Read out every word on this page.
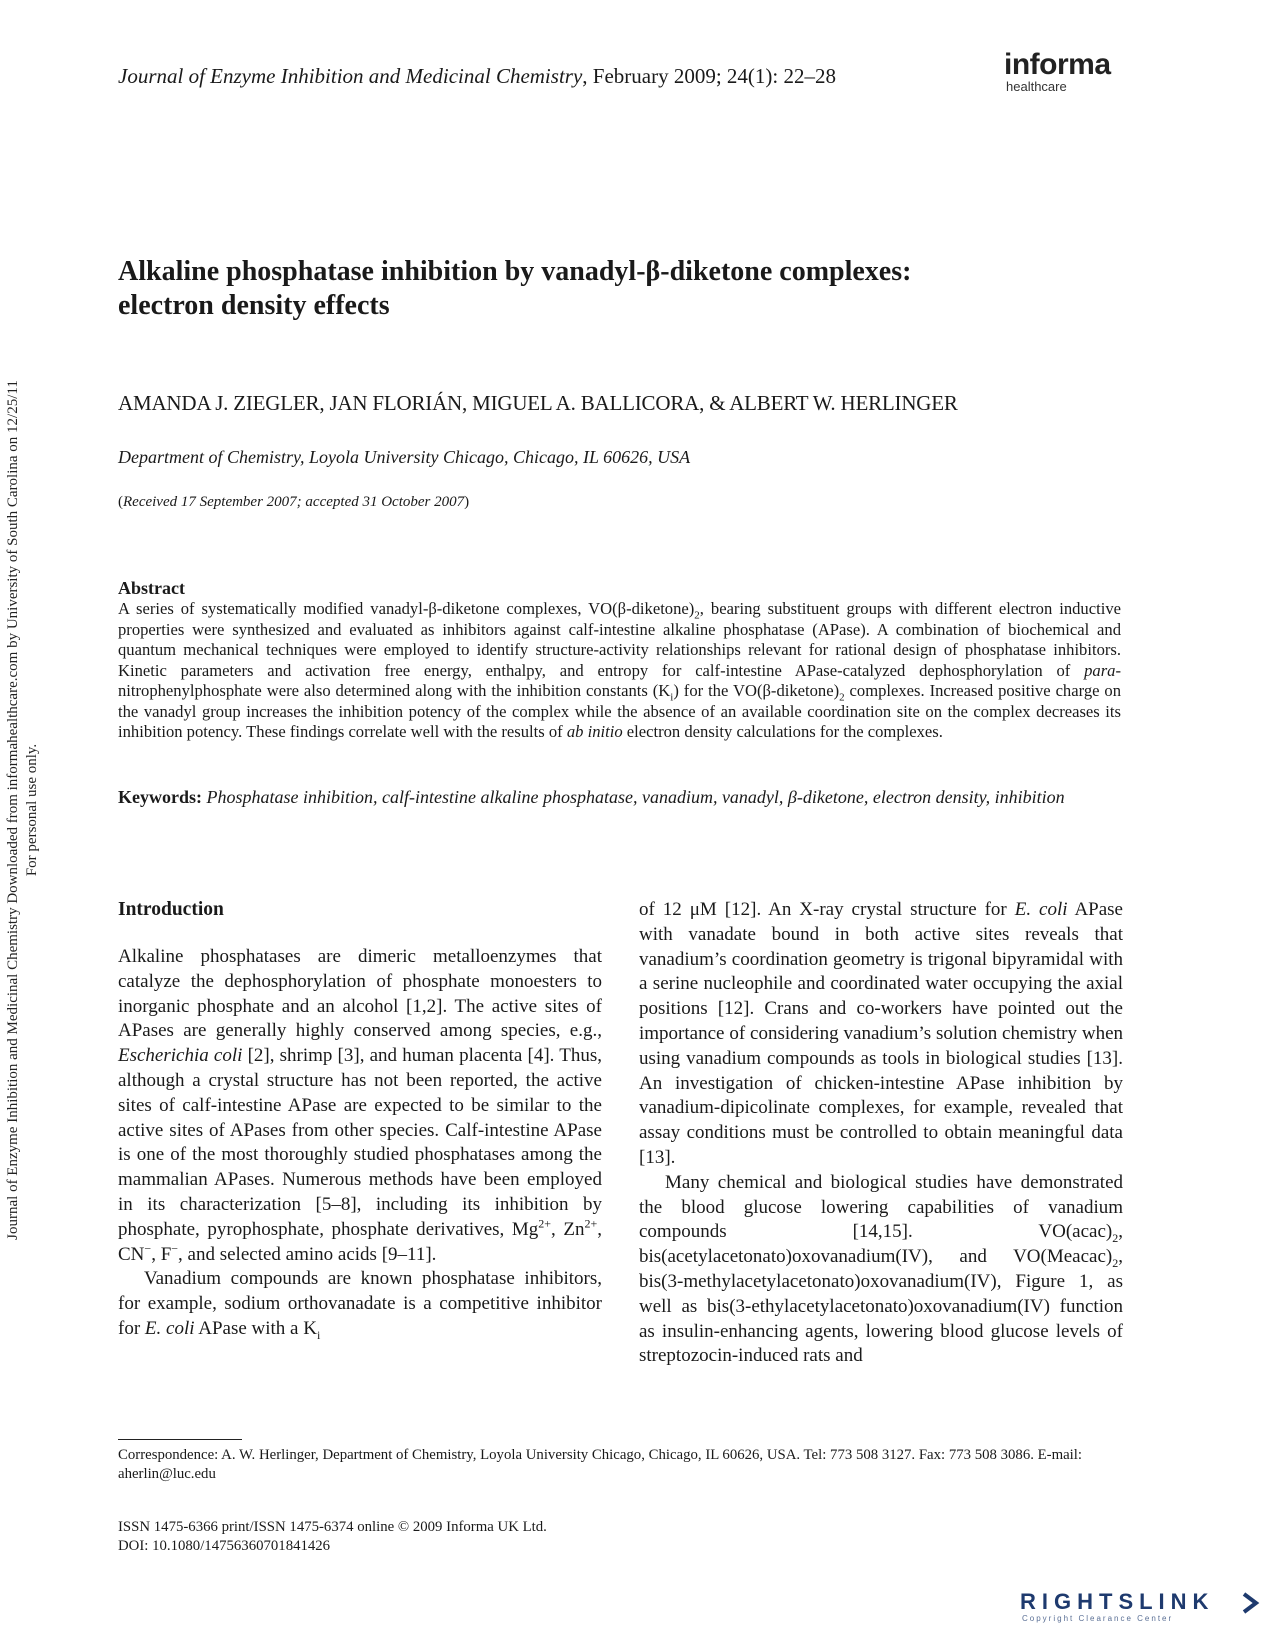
Journal of Enzyme Inhibition and Medicinal Chemistry, February 2009; 24(1): 22–28	informa
healthcare
Journal of Enzyme Inhibition and Medicinal Chemistry Downloaded from informahealthcare.com by University of South Carolina on 12/25/11 For personal use only.
Alkaline phosphatase inhibition by vanadyl-β-diketone complexes:
electron density effects
AMANDA J. ZIEGLER, JAN FLORIÁN, MIGUEL A. BALLICORA, & ALBERT W. HERLINGER
Department of Chemistry, Loyola University Chicago, Chicago, IL 60626, USA
(Received 17 September 2007; accepted 31 October 2007)
Abstract

A series of systematically modified vanadyl-β-diketone complexes, $VO(\beta-diketone)_2$, bearing substituent groups with different electron inductive properties were synthesized and evaluated as inhibitors against calf-intestine alkaline phosphatase (APase). A combination of biochemical and quantum mechanical techniques were employed to identify structure-activity relationships relevant for rational design of phosphatase inhibitors. Kinetic parameters and activation free energy, enthalpy, and entropy for calf-intestine APase-catalyzed dephosphorylation of para-nitrophenylphosphate were also determined along with the inhibition constants $(K_i)$ for the $VO(\beta-diketone)_2$ complexes. Increased positive charge on the vanadyl group increases the inhibition potency of the complex while the absence of an available coordination site on the complex decreases its inhibition potency. These findings correlate well with the results of ab initio electron density calculations for the complexes.

Keywords: Phosphatase inhibition, calf-intestine alkaline phosphatase, vanadium, vanadyl, β-diketone, electron density, inhibition
Introduction

Alkaline phosphatases are dimeric metalloenzymes that catalyze the dephosphorylation of phosphate monoesters to inorganic phosphate and an alcohol [1,2]. The active sites of APases are generally highly conserved among species, e.g., Escherichia coli [2], shrimp [3], and human placenta [4]. Thus, although a crystal structure has not been reported, the active sites of calf-intestine APase are expected to be similar to the active sites of APases from other species. Calf-intestine APase is one of the most thoroughly studied phosphatases among the mammalian APases. Numerous methods have been employed in its characterization [5–8], including its inhibition by phosphate, pyrophosphate, phosphate derivatives, $Mg^{2+}$, $Zn^{2+}$, CN−, F−, and selected amino acids [9–11].

Vanadium compounds are known phosphatase inhibitors, for example, sodium orthovanadate is a competitive inhibitor for E. coli APase with a $K_i$

of 12 μM [12]. An X-ray crystal structure for E. coli APase with vanadate bound in both active sites reveals that vanadium’s coordination geometry is trigonal bipyramidal with a serine nucleophile and coordinated water occupying the axial positions [12]. Crans and co-workers have pointed out the importance of considering vanadium’s solution chemistry when using vanadium compounds as tools in biological studies [13]. An investigation of chicken-intestine APase inhibition by vanadium-dipicolinate complexes, for example, revealed that assay conditions must be controlled to obtain meaningful data [13].

Many chemical and biological studies have demonstrated the blood glucose lowering capabilities of vanadium compounds [14,15]. $VO(acac)_2$, bis(acetylacetonato)oxovanadium(IV), and $VO(Meacac)_2$, bis(3-methylacetylacetonato)oxovanadium(IV), Figure 1, as well as bis(3-ethylacetylacetonato)oxovanadium(IV) function as insulin-enhancing agents, lowering blood glucose levels of streptozocin-induced rats and

Correspondence: A. W. Herlinger, Department of Chemistry, Loyola University Chicago, Chicago, IL 60626, USA. Tel: 773 508 3127. Fax: 773 508 3086. E-mail: aherlin@luc.edu
ISSN 1475-6366 print/ISSN 1475-6374 online © 2009 Informa UK Ltd.
DOI: 10.1080/14756360701841426
RIGHTSLINK
Copyright Clearance Center
